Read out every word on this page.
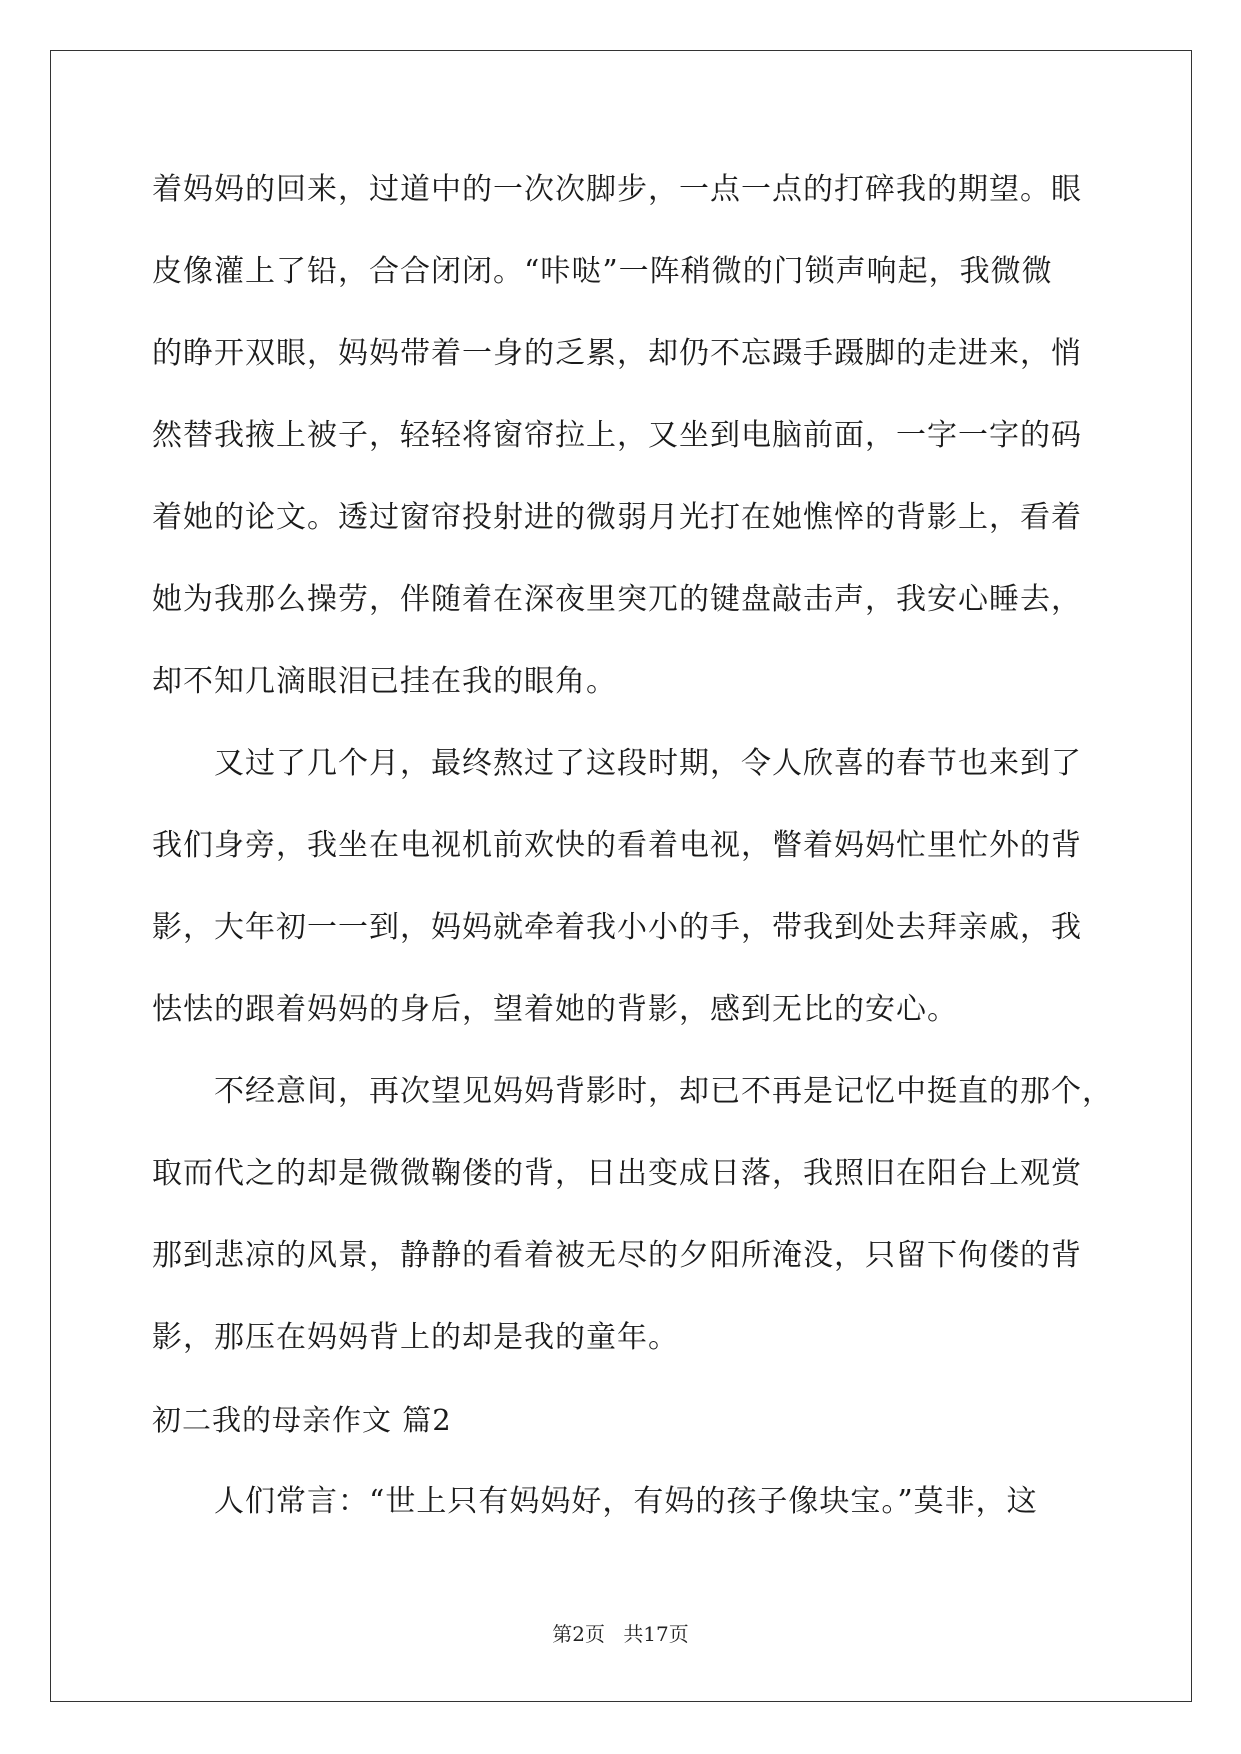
着妈妈的回来，过道中的一次次脚步，一点一点的打碎我的期望。眼
皮像灌上了铅，合合闭闭。“咔哒”一阵稍微的门锁声响起，我微微
的睁开双眼，妈妈带着一身的乏累，却仍不忘蹑手蹑脚的走进来，悄
然替我掖上被子，轻轻将窗帘拉上，又坐到电脑前面，一字一字的码
着她的论文。透过窗帘投射进的微弱月光打在她憔悴的背影上，看着
她为我那么操劳，伴随着在深夜里突兀的键盘敲击声，我安心睡去，
却不知几滴眼泪已挂在我的眼角。
又过了几个月，最终熬过了这段时期，令人欣喜的春节也来到了
我们身旁，我坐在电视机前欢快的看着电视，瞥着妈妈忙里忙外的背
影，大年初一一到，妈妈就牵着我小小的手，带我到处去拜亲戚，我
怯怯的跟着妈妈的身后，望着她的背影，感到无比的安心。
不经意间，再次望见妈妈背影时，却已不再是记忆中挺直的那个，
取而代之的却是微微鞠偻的背，日出变成日落，我照旧在阳台上观赏
那到悲凉的风景，静静的看着被无尽的夕阳所淹没，只留下佝偻的背
影，那压在妈妈背上的却是我的童年。
初二我的母亲作文 篇2
人们常言：“世上只有妈妈好，有妈的孩子像块宝。”莫非，这
第2页 共17页
